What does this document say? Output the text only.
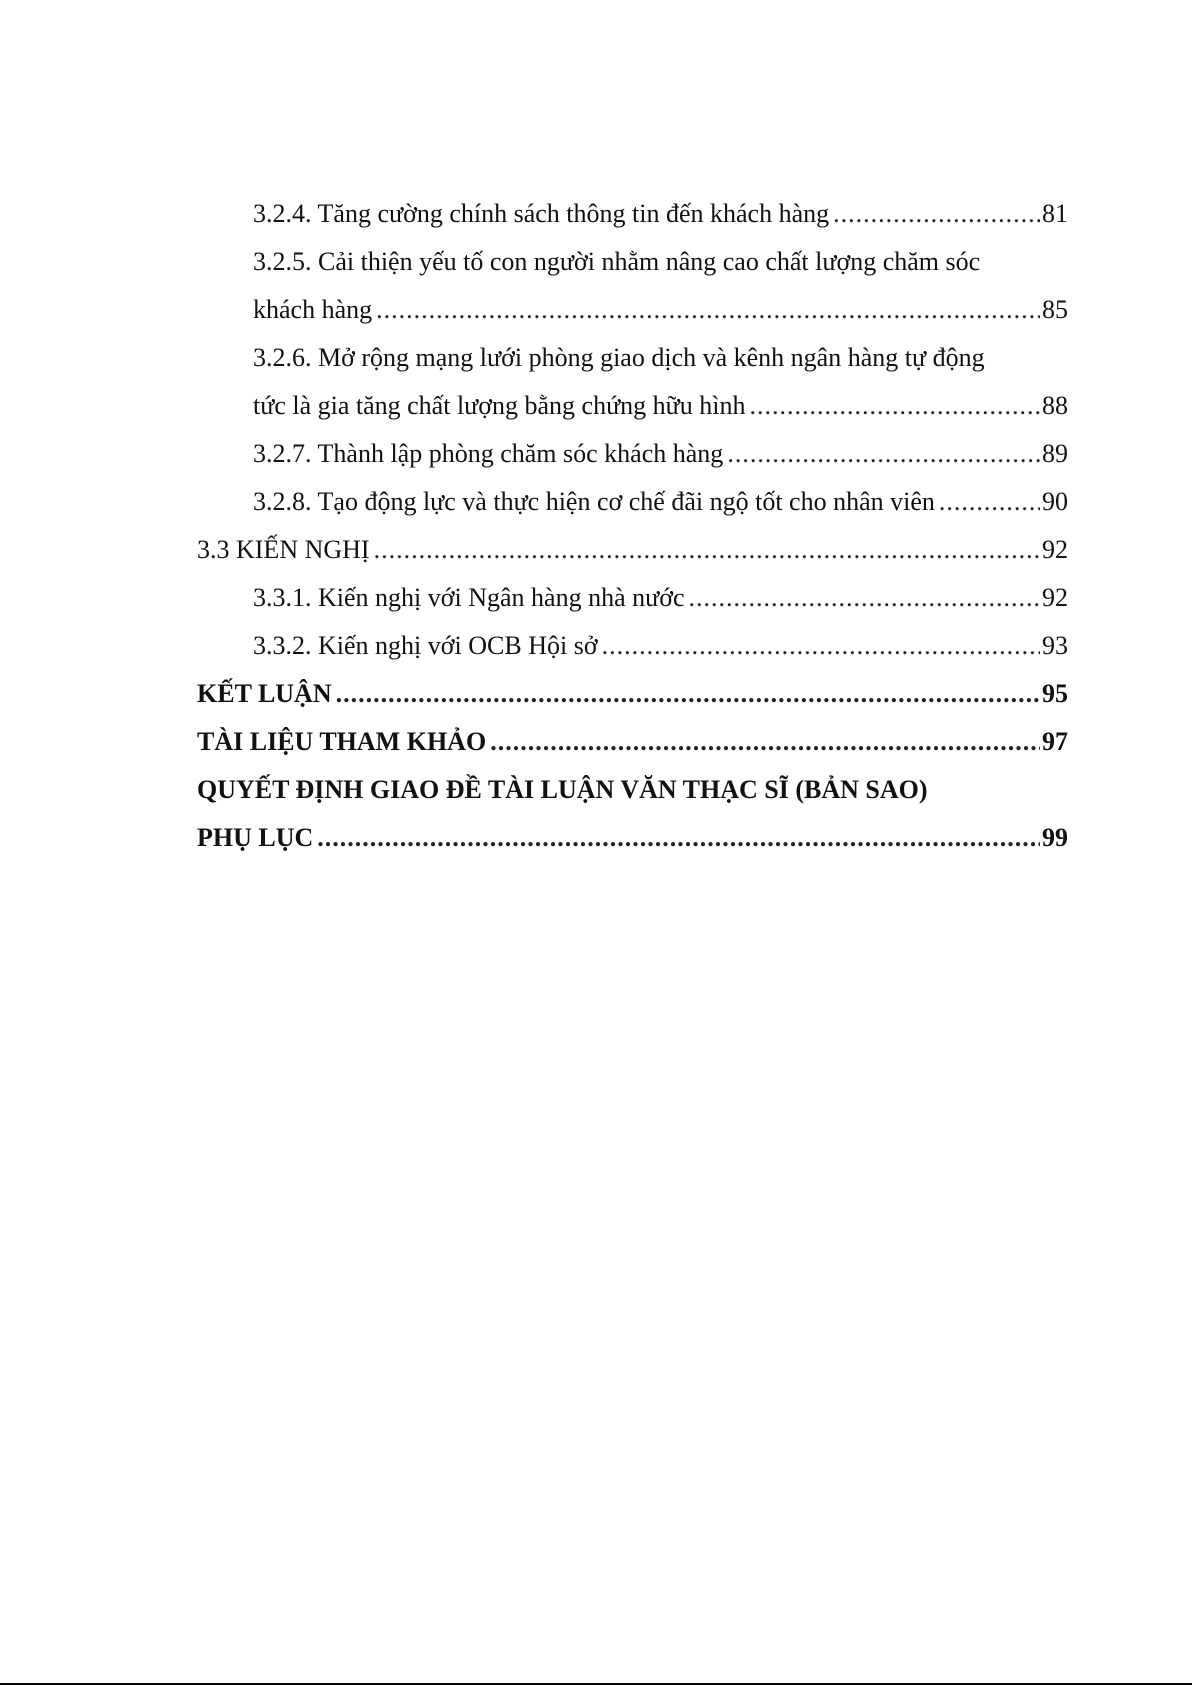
3.2.4. Tăng cường chính sách thông tin đến khách hàng .....	81
3.2.5. Cải thiện yếu tố con người nhằm nâng cao chất lượng chăm sóc
khách hàng .....	85
3.2.6. Mở rộng mạng lưới phòng giao dịch và kênh ngân hàng tự động
tức là gia tăng chất lượng bằng chứng hữu hình .....	88
3.2.7. Thành lập phòng chăm sóc khách hàng .....	89
3.2.8. Tạo động lực và thực hiện cơ chế đãi ngộ tốt cho nhân viên .....	90
3.3 KIẾN NGHỊ .....	92
3.3.1. Kiến nghị với Ngân hàng nhà nước .....	92
3.3.2. Kiến nghị với OCB Hội sở .....	93
KẾT LUẬN .....	95
TÀI LIỆU THAM KHẢO .....	97
QUYẾT ĐỊNH GIAO ĐỀ TÀI LUẬN VĂN THẠC SĨ (BẢN SAO)
PHỤ LỤC .....	99
